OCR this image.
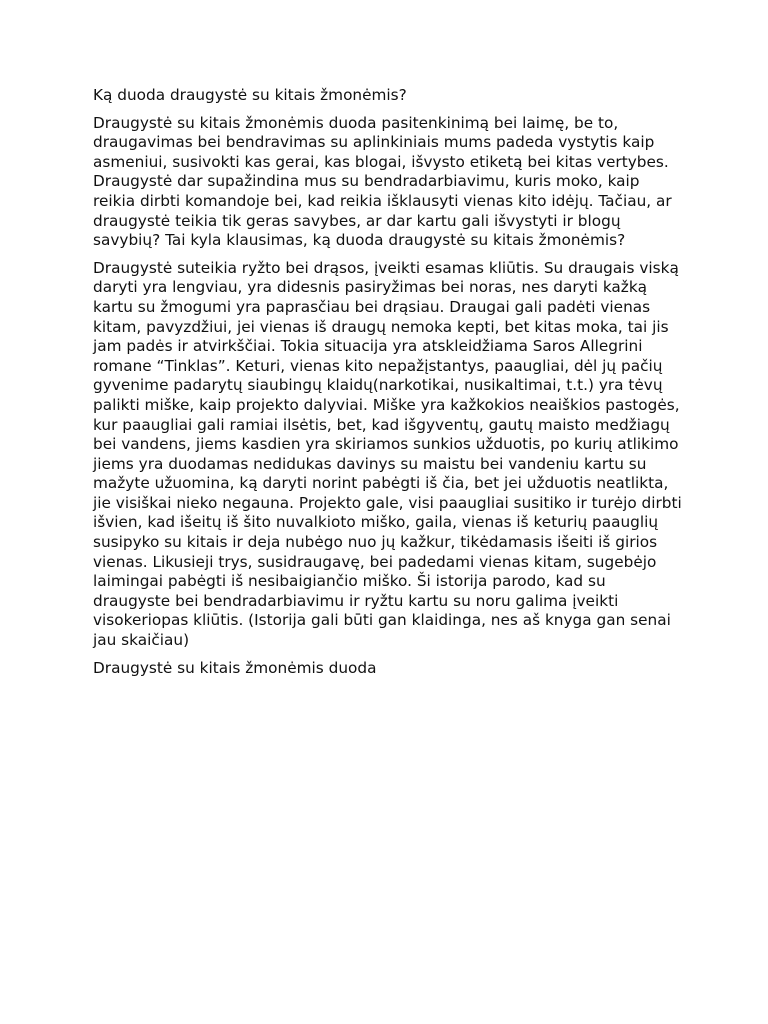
Ką duoda draugystė su kitais žmonėmis?

Draugystė su kitais žmonėmis duoda pasitenkinimą bei laimę, be to, draugavimas bei bendravimas su aplinkiniais mums padeda vystytis kaip asmeniui, susivokti kas gerai, kas blogai, išvysto etiketą bei kitas vertybes. Draugystė dar supažindina mus su bendradarbiavimu, kuris moko, kaip reikia dirbti komandoje bei, kad reikia išklausyti vienas kito idėjų. Tačiau, ar draugystė teikia tik geras savybes, ar dar kartu gali išvystyti ir blogų savybių? Tai kyla klausimas, ką duoda draugystė su kitais žmonėmis?

Draugystė suteikia ryžto bei drąsos, įveikti esamas kliūtis. Su draugais viską daryti yra lengviau, yra didesnis pasiryžimas bei noras, nes daryti kažką kartu su žmogumi yra paprasčiau bei drąsiau. Draugai gali padėti vienas kitam, pavyzdžiui, jei vienas iš draugų nemoka kepti, bet kitas moka, tai jis jam padės ir atvirkščiai. Tokia situacija yra atskleidžiama Saros Allegrini romane “Tinklas”. Keturi, vienas kito nepažįstantys, paaugliai, dėl jų pačių gyvenime padarytų siaubingų klaidų(narkotikai, nusikaltimai, t.t.) yra tėvų palikti miške, kaip projekto dalyviai. Miške yra kažkokios neaiškios pastogės, kur paaugliai gali ramiai ilsėtis, bet, kad išgyventų, gautų maisto medžiagų bei vandens, jiems kasdien yra skiriamos sunkios užduotis, po kurių atlikimo jiems yra duodamas nedidukas davinys su maistu bei vandeniu kartu su mažyte užuomina, ką daryti norint pabėgti iš čia, bet jei užduotis neatlikta, jie visiškai nieko negauna. Projekto gale, visi paaugliai susitiko ir turėjo dirbti išvien, kad išeitų iš šito nuvalkioto miško, gaila, vienas iš keturių paauglių susipyko su kitais ir deja nubėgo nuo jų kažkur, tikėdamasis išeiti iš girios vienas. Likusieji trys, susidraugavę, bei padedami vienas kitam, sugebėjo laimingai pabėgti iš nesibaigiančio miško. Ši istorija parodo, kad su draugyste bei bendradarbiavimu ir ryžtu kartu su noru galima įveikti visokeriopas kliūtis. (Istorija gali būti gan klaidinga, nes aš knyga gan senai jau skaičiau)

Draugystė su kitais žmonėmis duoda
